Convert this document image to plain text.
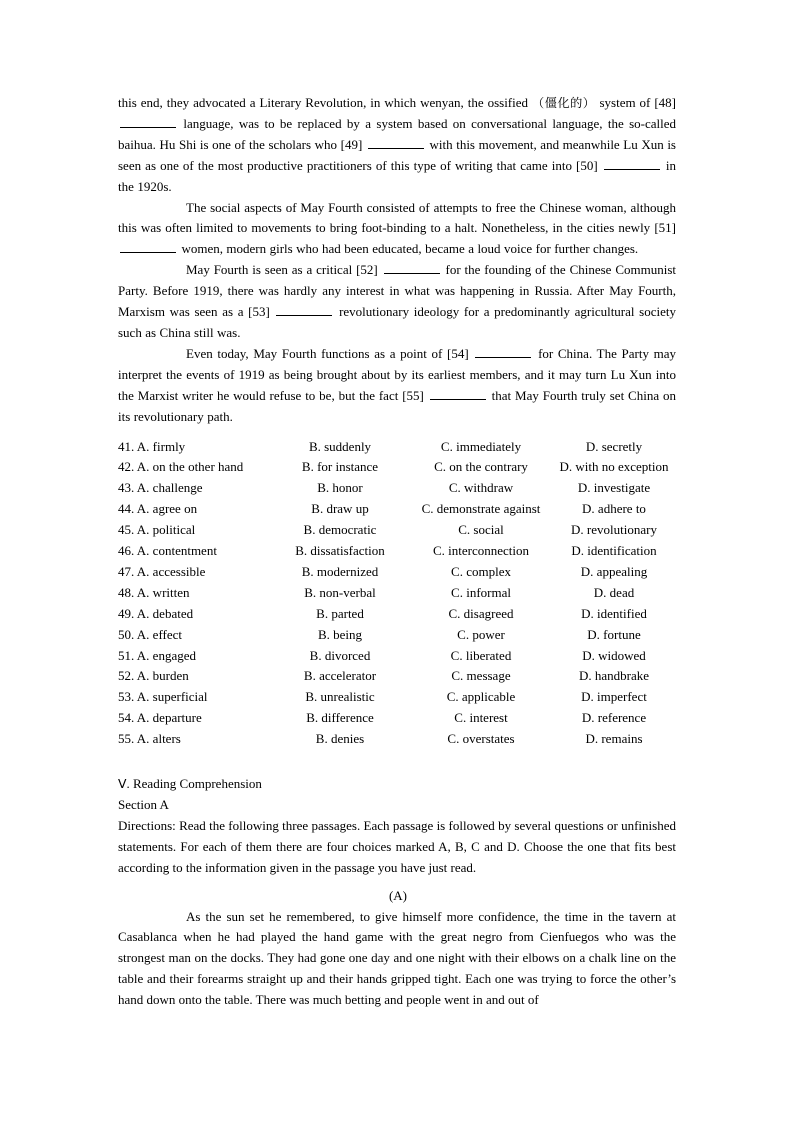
this end, they advocated a Literary Revolution, in which wenyan, the ossified （僵化的） system of [48]  language, was to be replaced by a system based on conversational language, the so-called baihua. Hu Shi is one of the scholars who [49]	with this movement, and meanwhile Lu Xun is seen as one of the most productive practitioners of this type of writing that came into [50]	in the 1920s.

The social aspects of May Fourth consisted of attempts to free the Chinese woman, although this was often limited to movements to bring foot-binding to a halt. Nonetheless, in the cities newly [51]  women, modern girls who had been educated, became a loud voice for further changes.

May Fourth is seen as a critical [52]	for the founding of the Chinese Communist Party. Before 1919, there was hardly any interest in what was happening in Russia. After May Fourth, Marxism was seen as a [53]	revolutionary ideology for a predominantly agricultural society such as China still was.

Even today, May Fourth functions as a point of [54]	for China. The Party may interpret the events of 1919 as being brought about by its earliest members, and it may turn Lu Xun into the Marxist writer he would refuse to be, but the fact [55]	that May Fourth truly set China on its revolutionary path.

41. A. firmly	B. suddenly	C. immediately	D. secretly
42. A. on the other hand	B. for instance	C. on the contrary	D. with no exception
43. A. challenge	B. honor	C. withdraw	D. investigate
44. A. agree on	B. draw up	C. demonstrate against	D. adhere to
45. A. political	B. democratic	C. social	D. revolutionary
46. A. contentment	B. dissatisfaction	C. interconnection	D. identification
47. A. accessible	B. modernized	C. complex	D. appealing
48. A. written	B. non-verbal	C. informal	D. dead
49. A. debated	B. parted	C. disagreed	D. identified
50. A. effect	B. being	C. power	D. fortune
51. A. engaged	B. divorced	C. liberated	D. widowed
52. A. burden	B. accelerator	C. message	D. handbrake
53. A. superficial	B. unrealistic	C. applicable	D. imperfect
54. A. departure	B. difference	C. interest	D. reference
55. A. alters	B. denies	C. overstates	D. remains

Ⅴ. Reading Comprehension

Section A

Directions: Read the following three passages. Each passage is followed by several questions or unfinished statements. For each of them there are four choices marked A, B, C and D. Choose the one that fits best according to the information given in the passage you have just read.

(A)

As the sun set he remembered, to give himself more confidence, the time in the tavern at Casablanca when he had played the hand game with the great negro from Cienfuegos who was the strongest man on the docks. They had gone one day and one night with their elbows on a chalk line on the table and their forearms straight up and their hands gripped tight. Each one was trying to force the other’s hand down onto the table. There was much betting and people went in and out of
